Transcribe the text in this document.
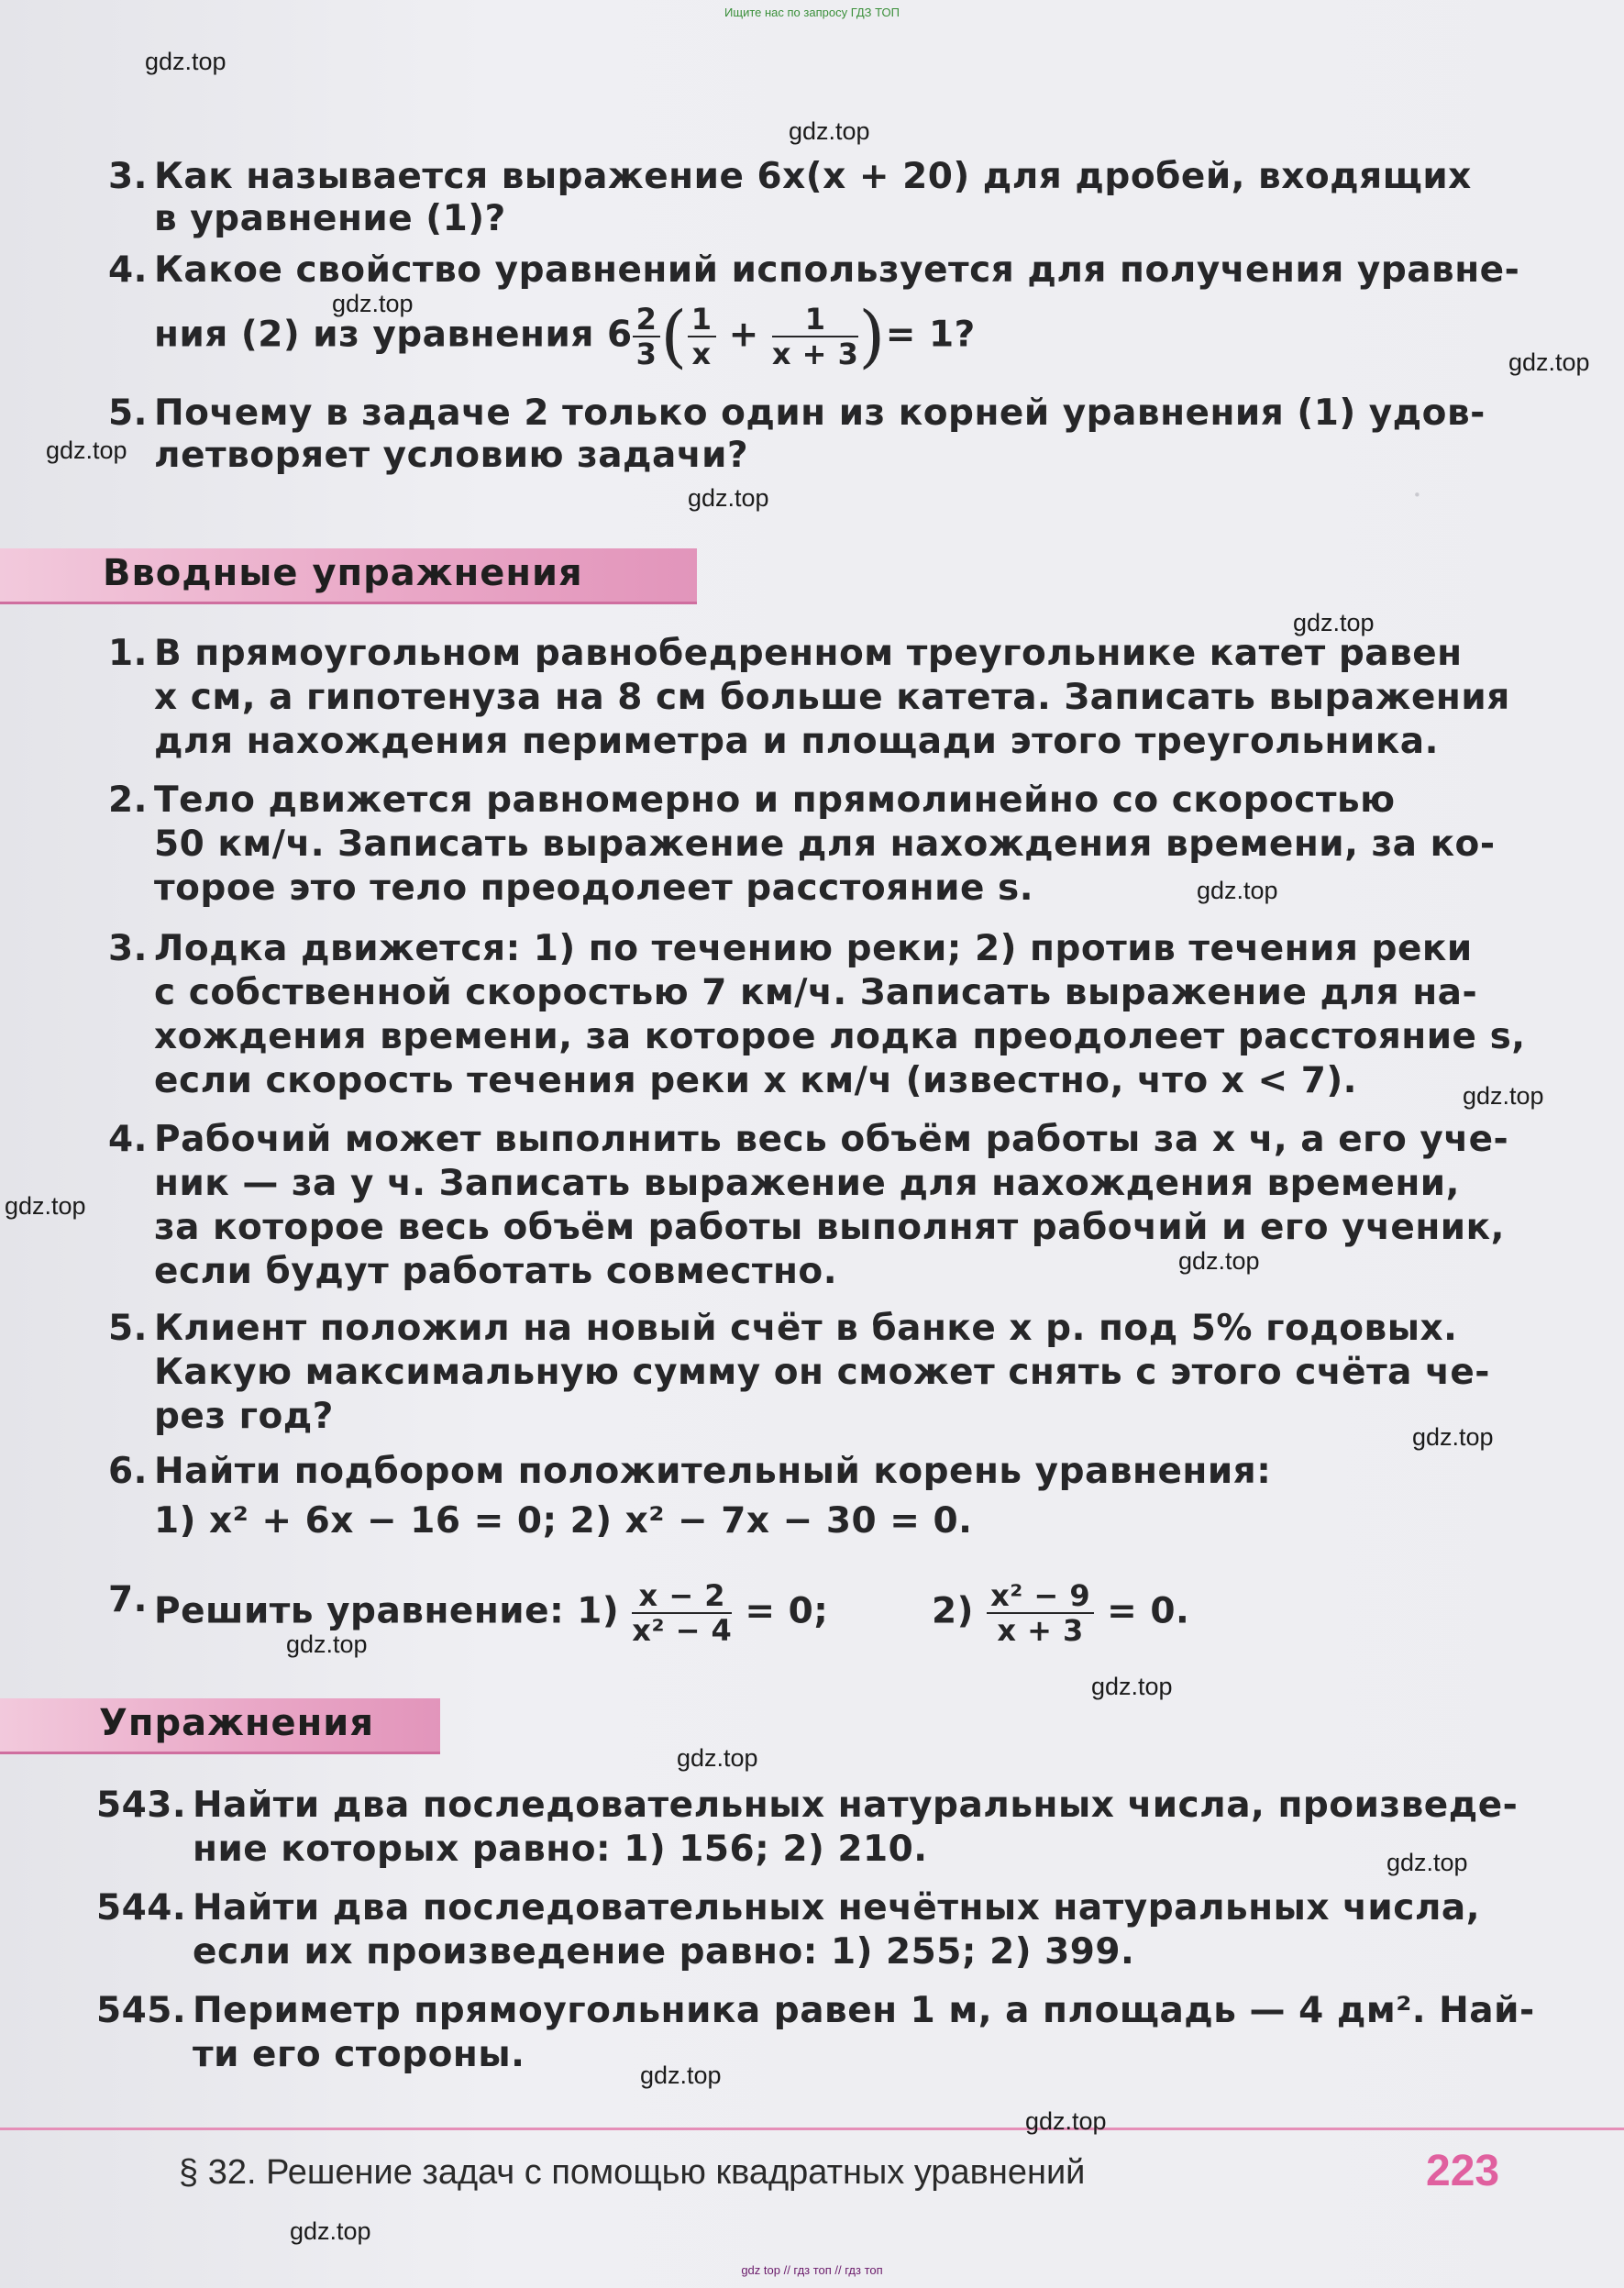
Ищите нас по запросу ГДЗ ТОП
·
3. Как называется выражение 6x(x + 20) для дробей, входящих
в уравнение (1)?
4. Какое свойство уравнений используется для получения уравне-
ния (2) из уравнения $6 \frac{2}{3}$ ( $\frac{1}{x} + \frac{1}{x + 3}$ )= 1?
5. Почему в задаче 2 только один из корней уравнения (1) удов-
летворяет условию задачи?
Вводные упражнения
1. В прямоугольном равнобедренном треугольнике катет равен
x см, а гипотенуза на 8 см больше катета. Записать выражения
для нахождения периметра и площади этого треугольника.
2. Тело движется равномерно и прямолинейно со скоростью
50 км/ч. Записать выражение для нахождения времени, за ко-
торое это тело преодолеет расстояние s.
3. Лодка движется: 1) по течению реки; 2) против течения реки
с собственной скоростью 7 км/ч. Записать выражение для на-
хождения времени, за которое лодка преодолеет расстояние s,
если скорость течения реки x км/ч (известно, что x < 7).
4. Рабочий может выполнить весь объём работы за x ч, а его уче-
ник — за y ч. Записать выражение для нахождения времени,
за которое весь объём работы выполнят рабочий и его ученик,
если будут работать совместно.
5. Клиент положил на новый счёт в банке x р. под 5% годовых.
Какую максимальную сумму он сможет снять с этого счёта че-
рез год?
6. Найти подбором положительный корень уравнения:
1) x² + 6x − 16 = 0; 2) x² − 7x − 30 = 0.
7. Решить уравнение: $1) \frac{x - 2}{\text{x² − 4}} = 0$;	$2) \frac{\text{x² − 9}}{x + 3} = 0$.
Упражнения
543. Найти два последовательных натуральных числа, произведе-
ние которых равно: 1) 156; 2) 210.
544. Найти два последовательных нечётных натуральных числа,
если их произведение равно: 1) 255; 2) 399.
545. Периметр прямоугольника равен 1 м, а площадь — 4 дм². Най-
ти его стороны.
§ 32. Решение задач с помощью квадратных уравнений	223
gdz.top
gdz.top
gdz.top
gdz.top
gdz.top
gdz.top
gdz.top
gdz.top
gdz.top
gdz.top
gdz.top
gdz.top
gdz.top
gdz.top
gdz.top
gdz.top
gdz.top
gdz.top
gdz.top
gdz top // гдз топ // гдз топ
